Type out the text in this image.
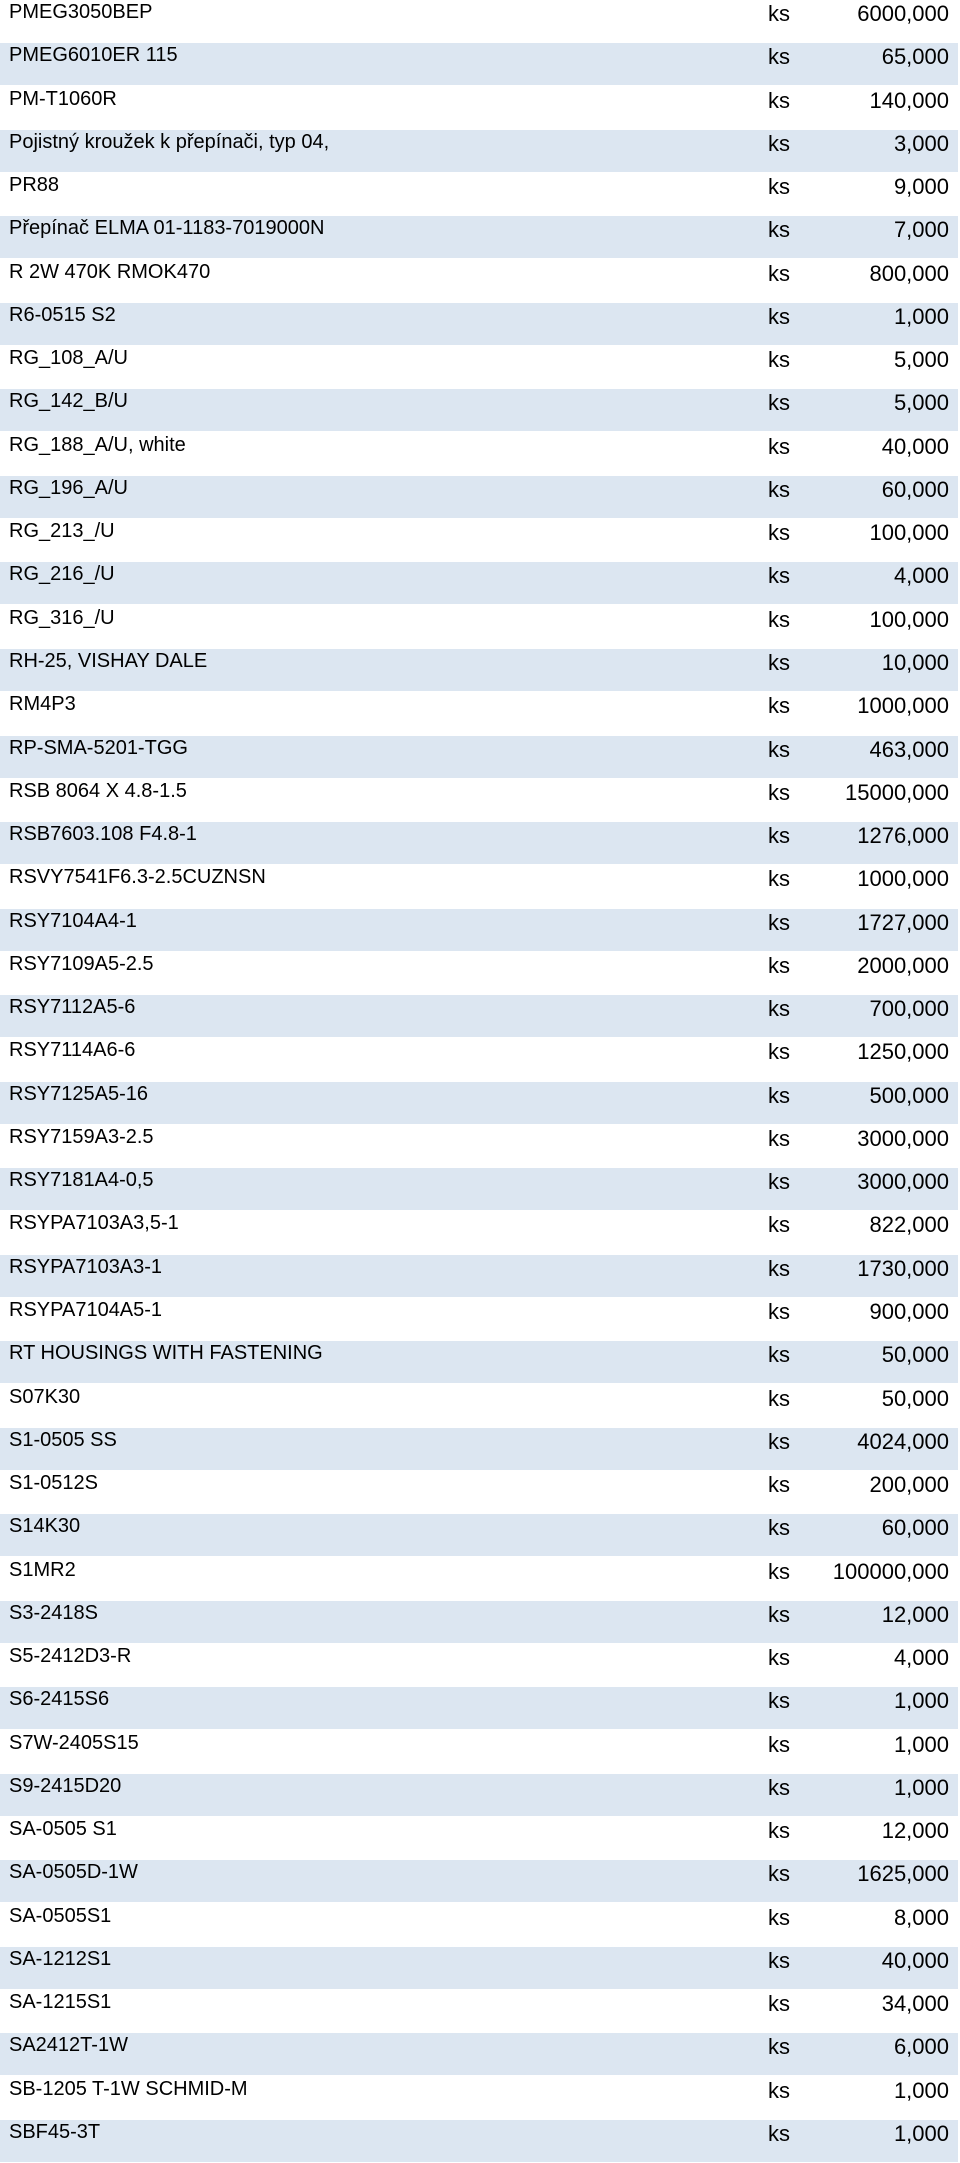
PMEG3050BEP	ks	6000,000
PMEG6010ER 115	ks	65,000
PM-T1060R	ks	140,000
Pojistný kroužek k přepínači, typ 04,	ks	3,000
PR88	ks	9,000
Přepínač ELMA 01-1183-7019000N	ks	7,000
R 2W 470K RMOK470	ks	800,000
R6-0515 S2	ks	1,000
RG_108_A/U	ks	5,000
RG_142_B/U	ks	5,000
RG_188_A/U, white	ks	40,000
RG_196_A/U	ks	60,000
RG_213_/U	ks	100,000
RG_216_/U	ks	4,000
RG_316_/U	ks	100,000
RH-25, VISHAY DALE	ks	10,000
RM4P3	ks	1000,000
RP-SMA-5201-TGG	ks	463,000
RSB 8064 X 4.8-1.5	ks	15000,000
RSB7603.108 F4.8-1	ks	1276,000
RSVY7541F6.3-2.5CUZNSN	ks	1000,000
RSY7104A4-1	ks	1727,000
RSY7109A5-2.5	ks	2000,000
RSY7112A5-6	ks	700,000
RSY7114A6-6	ks	1250,000
RSY7125A5-16	ks	500,000
RSY7159A3-2.5	ks	3000,000
RSY7181A4-0,5	ks	3000,000
RSYPA7103A3,5-1	ks	822,000
RSYPA7103A3-1	ks	1730,000
RSYPA7104A5-1	ks	900,000
RT HOUSINGS WITH FASTENING	ks	50,000
S07K30	ks	50,000
S1-0505 SS	ks	4024,000
S1-0512S	ks	200,000
S14K30	ks	60,000
S1MR2	ks	100000,000
S3-2418S	ks	12,000
S5-2412D3-R	ks	4,000
S6-2415S6	ks	1,000
S7W-2405S15	ks	1,000
S9-2415D20	ks	1,000
SA-0505 S1	ks	12,000
SA-0505D-1W	ks	1625,000
SA-0505S1	ks	8,000
SA-1212S1	ks	40,000
SA-1215S1	ks	34,000
SA2412T-1W	ks	6,000
SB-1205 T-1W SCHMID-M	ks	1,000
SBF45-3T	ks	1,000
